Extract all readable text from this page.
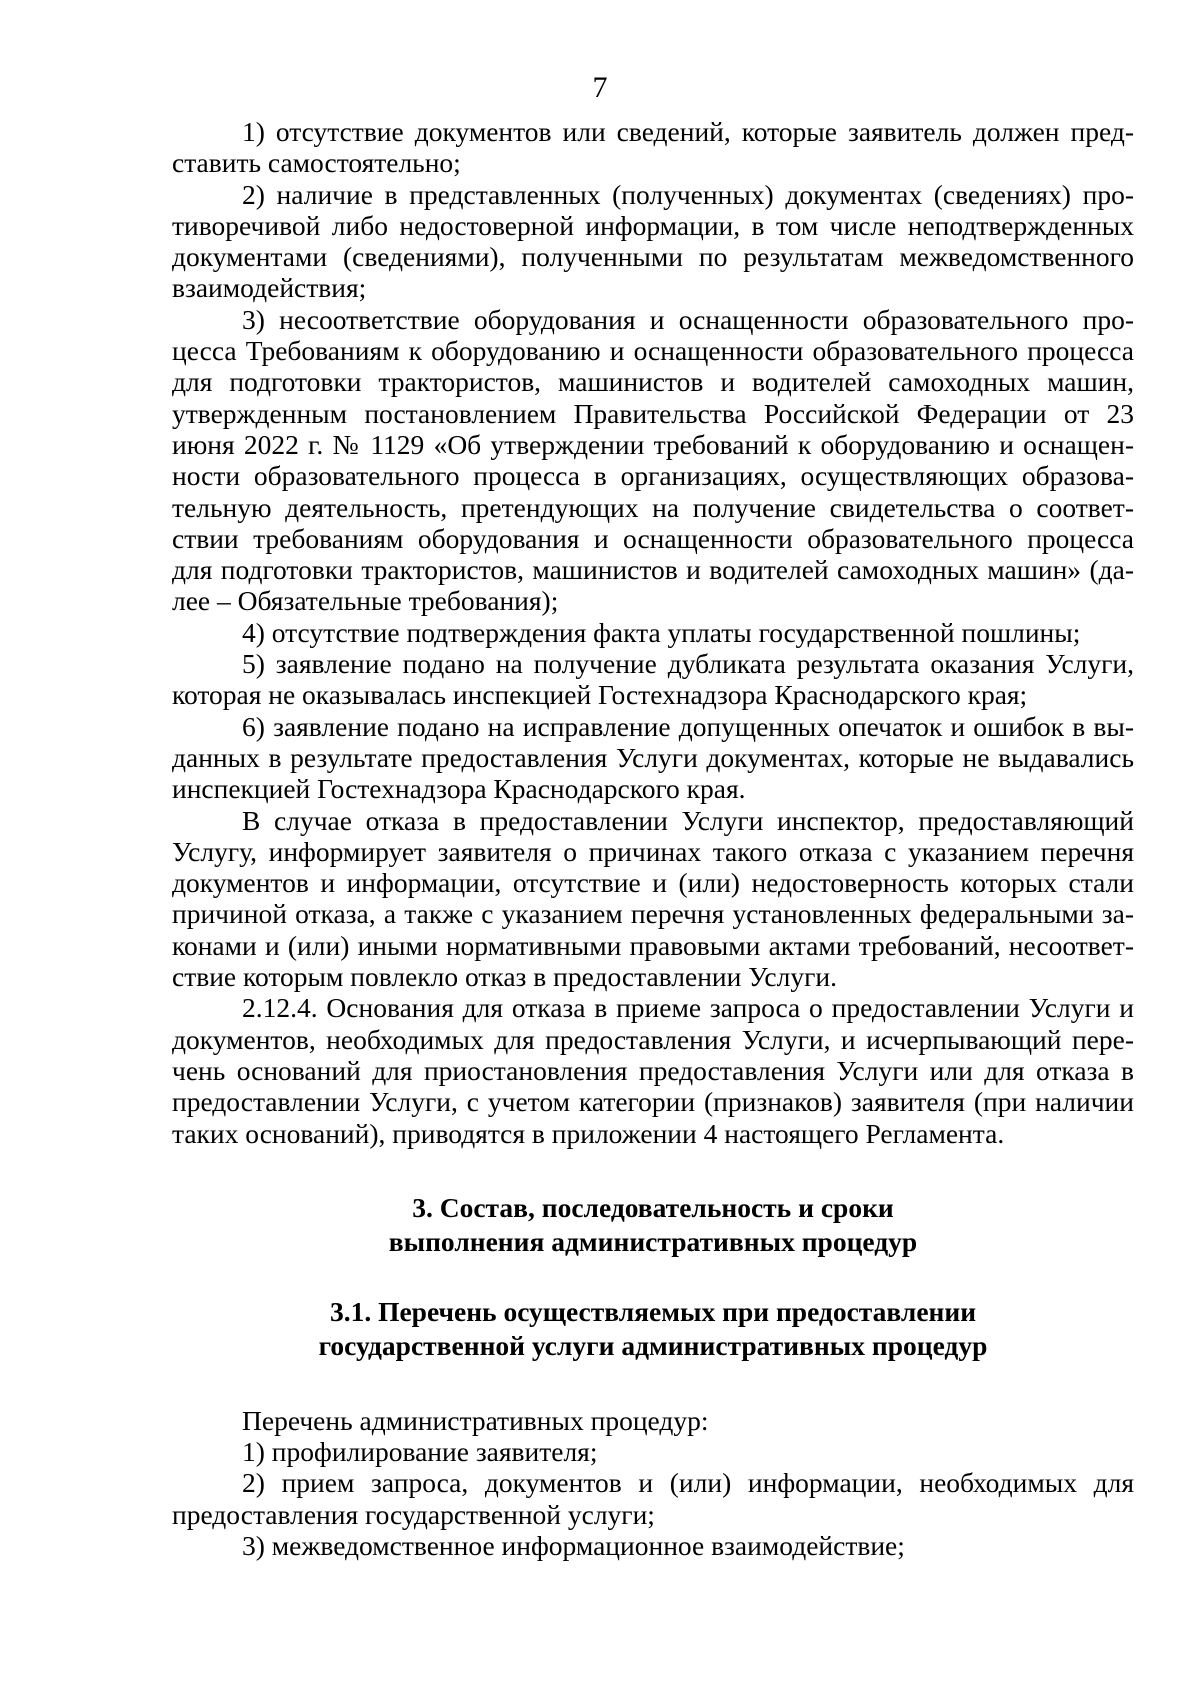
7

1) отсутствие документов или сведений, которые заявитель должен представить самостоятельно;

2) наличие в представленных (полученных) документах (сведениях) противоречивой либо недостоверной информации, в том числе неподтвержденных документами (сведениями), полученными по результатам межведомственного взаимодействия;

3) несоответствие оборудования и оснащенности образовательного процесса Требованиям к оборудованию и оснащенности образовательного процесса для подготовки трактористов, машинистов и водителей самоходных машин, утвержденным постановлением Правительства Российской Федерации от 23 июня 2022 г. № 1129 «Об утверждении требований к оборудованию и оснащенности образовательного процесса в организациях, осуществляющих образовательную деятельность, претендующих на получение свидетельства о соответствии требованиям оборудования и оснащенности образовательного процесса для подготовки трактористов, машинистов и водителей самоходных машин» (далее – Обязательные требования);

4) отсутствие подтверждения факта уплаты государственной пошлины;

5) заявление подано на получение дубликата результата оказания Услуги, которая не оказывалась инспекцией Гостехнадзора Краснодарского края;

6) заявление подано на исправление допущенных опечаток и ошибок в выданных в результате предоставления Услуги документах, которые не выдавались инспекцией Гостехнадзора Краснодарского края.

В случае отказа в предоставлении Услуги инспектор, предоставляющий Услугу, информирует заявителя о причинах такого отказа с указанием перечня документов и информации, отсутствие и (или) недостоверность которых стали причиной отказа, а также с указанием перечня установленных федеральными законами и (или) иными нормативными правовыми актами требований, несоответствие которым повлекло отказ в предоставлении Услуги.

2.12.4. Основания для отказа в приеме запроса о предоставлении Услуги и документов, необходимых для предоставления Услуги, и исчерпывающий перечень оснований для приостановления предоставления Услуги или для отказа в предоставлении Услуги, с учетом категории (признаков) заявителя (при наличии таких оснований), приводятся в приложении 4 настоящего Регламента.

3. Состав, последовательность и сроки

выполнения административных процедур

3.1. Перечень осуществляемых при предоставлении

государственной услуги административных процедур

Перечень административных процедур:

1) профилирование заявителя;

2) прием запроса, документов и (или) информации, необходимых для предоставления государственной услуги;

3) межведомственное информационное взаимодействие;
